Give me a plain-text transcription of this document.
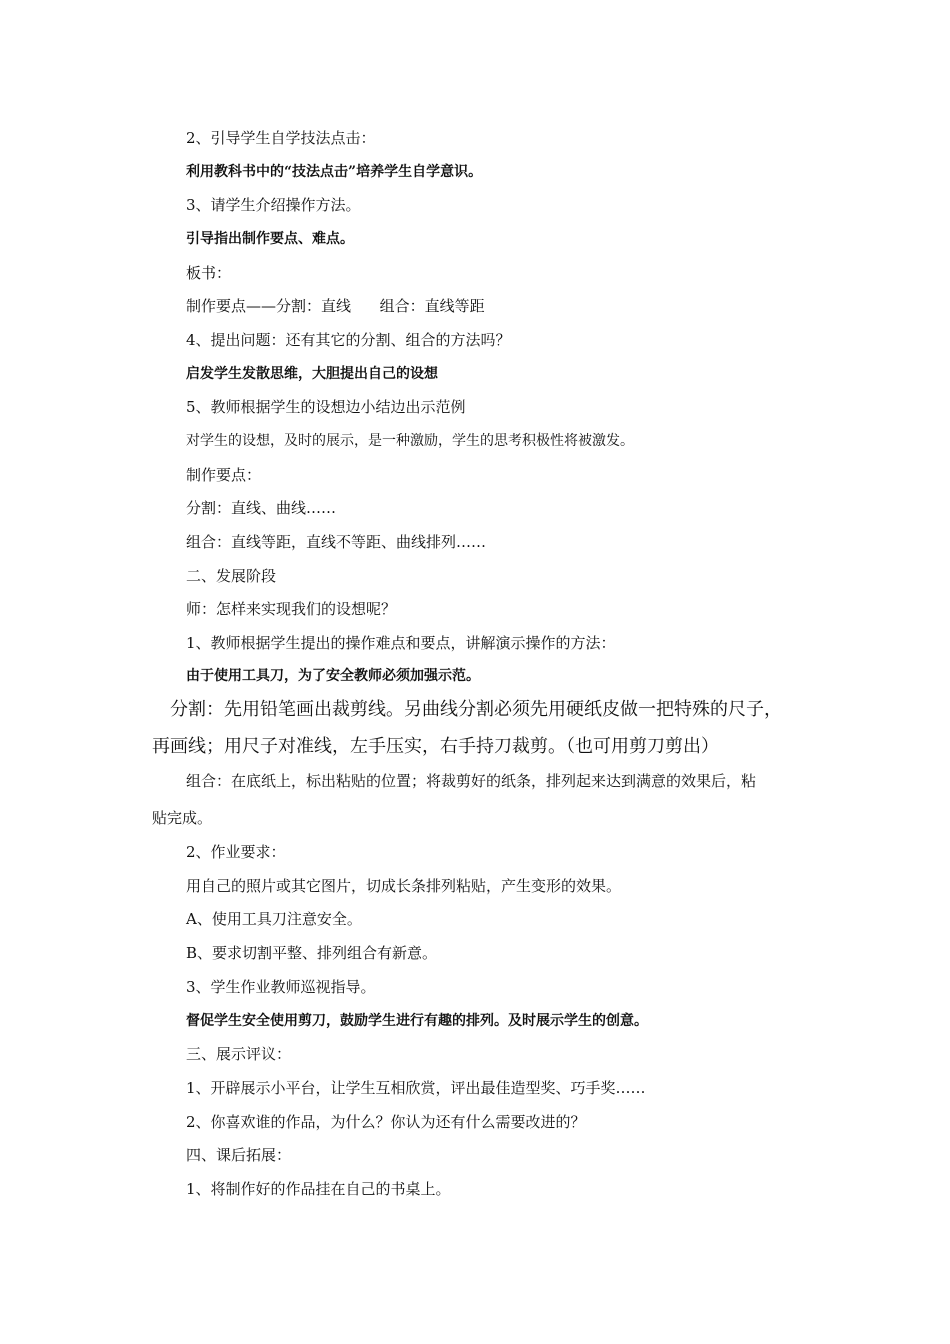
2、引导学生自学技法点击：
利用教科书中的“技法点击”培养学生自学意识。
3、请学生介绍操作方法。
引导指出制作要点、难点。
板书：
制作要点——分割：直线      组合：直线等距
4、提出问题：还有其它的分割、组合的方法吗？
启发学生发散思维，大胆提出自己的设想
5、教师根据学生的设想边小结边出示范例
对学生的设想，及时的展示，是一种激励，学生的思考积极性将被激发。
制作要点：
分割：直线、曲线……
组合：直线等距，直线不等距、曲线排列……
二、发展阶段
师：怎样来实现我们的设想呢？
1、教师根据学生提出的操作难点和要点，讲解演示操作的方法：
由于使用工具刀，为了安全教师必须加强示范。
分割：先用铅笔画出裁剪线。另曲线分割必须先用硬纸皮做一把特殊的尺子，
再画线；用尺子对准线，左手压实，右手持刀裁剪。（也可用剪刀剪出）
组合：在底纸上，标出粘贴的位置；将裁剪好的纸条，排列起来达到满意的效果后，粘
贴完成。
2、作业要求：
用自己的照片或其它图片，切成长条排列粘贴，产生变形的效果。
A、使用工具刀注意安全。
B、要求切割平整、排列组合有新意。
3、学生作业教师巡视指导。
督促学生安全使用剪刀，鼓励学生进行有趣的排列。及时展示学生的创意。
三、展示评议：
1、开辟展示小平台，让学生互相欣赏，评出最佳造型奖、巧手奖……
2、你喜欢谁的作品，为什么？你认为还有什么需要改进的？
四、课后拓展：
1、将制作好的作品挂在自己的书桌上。
